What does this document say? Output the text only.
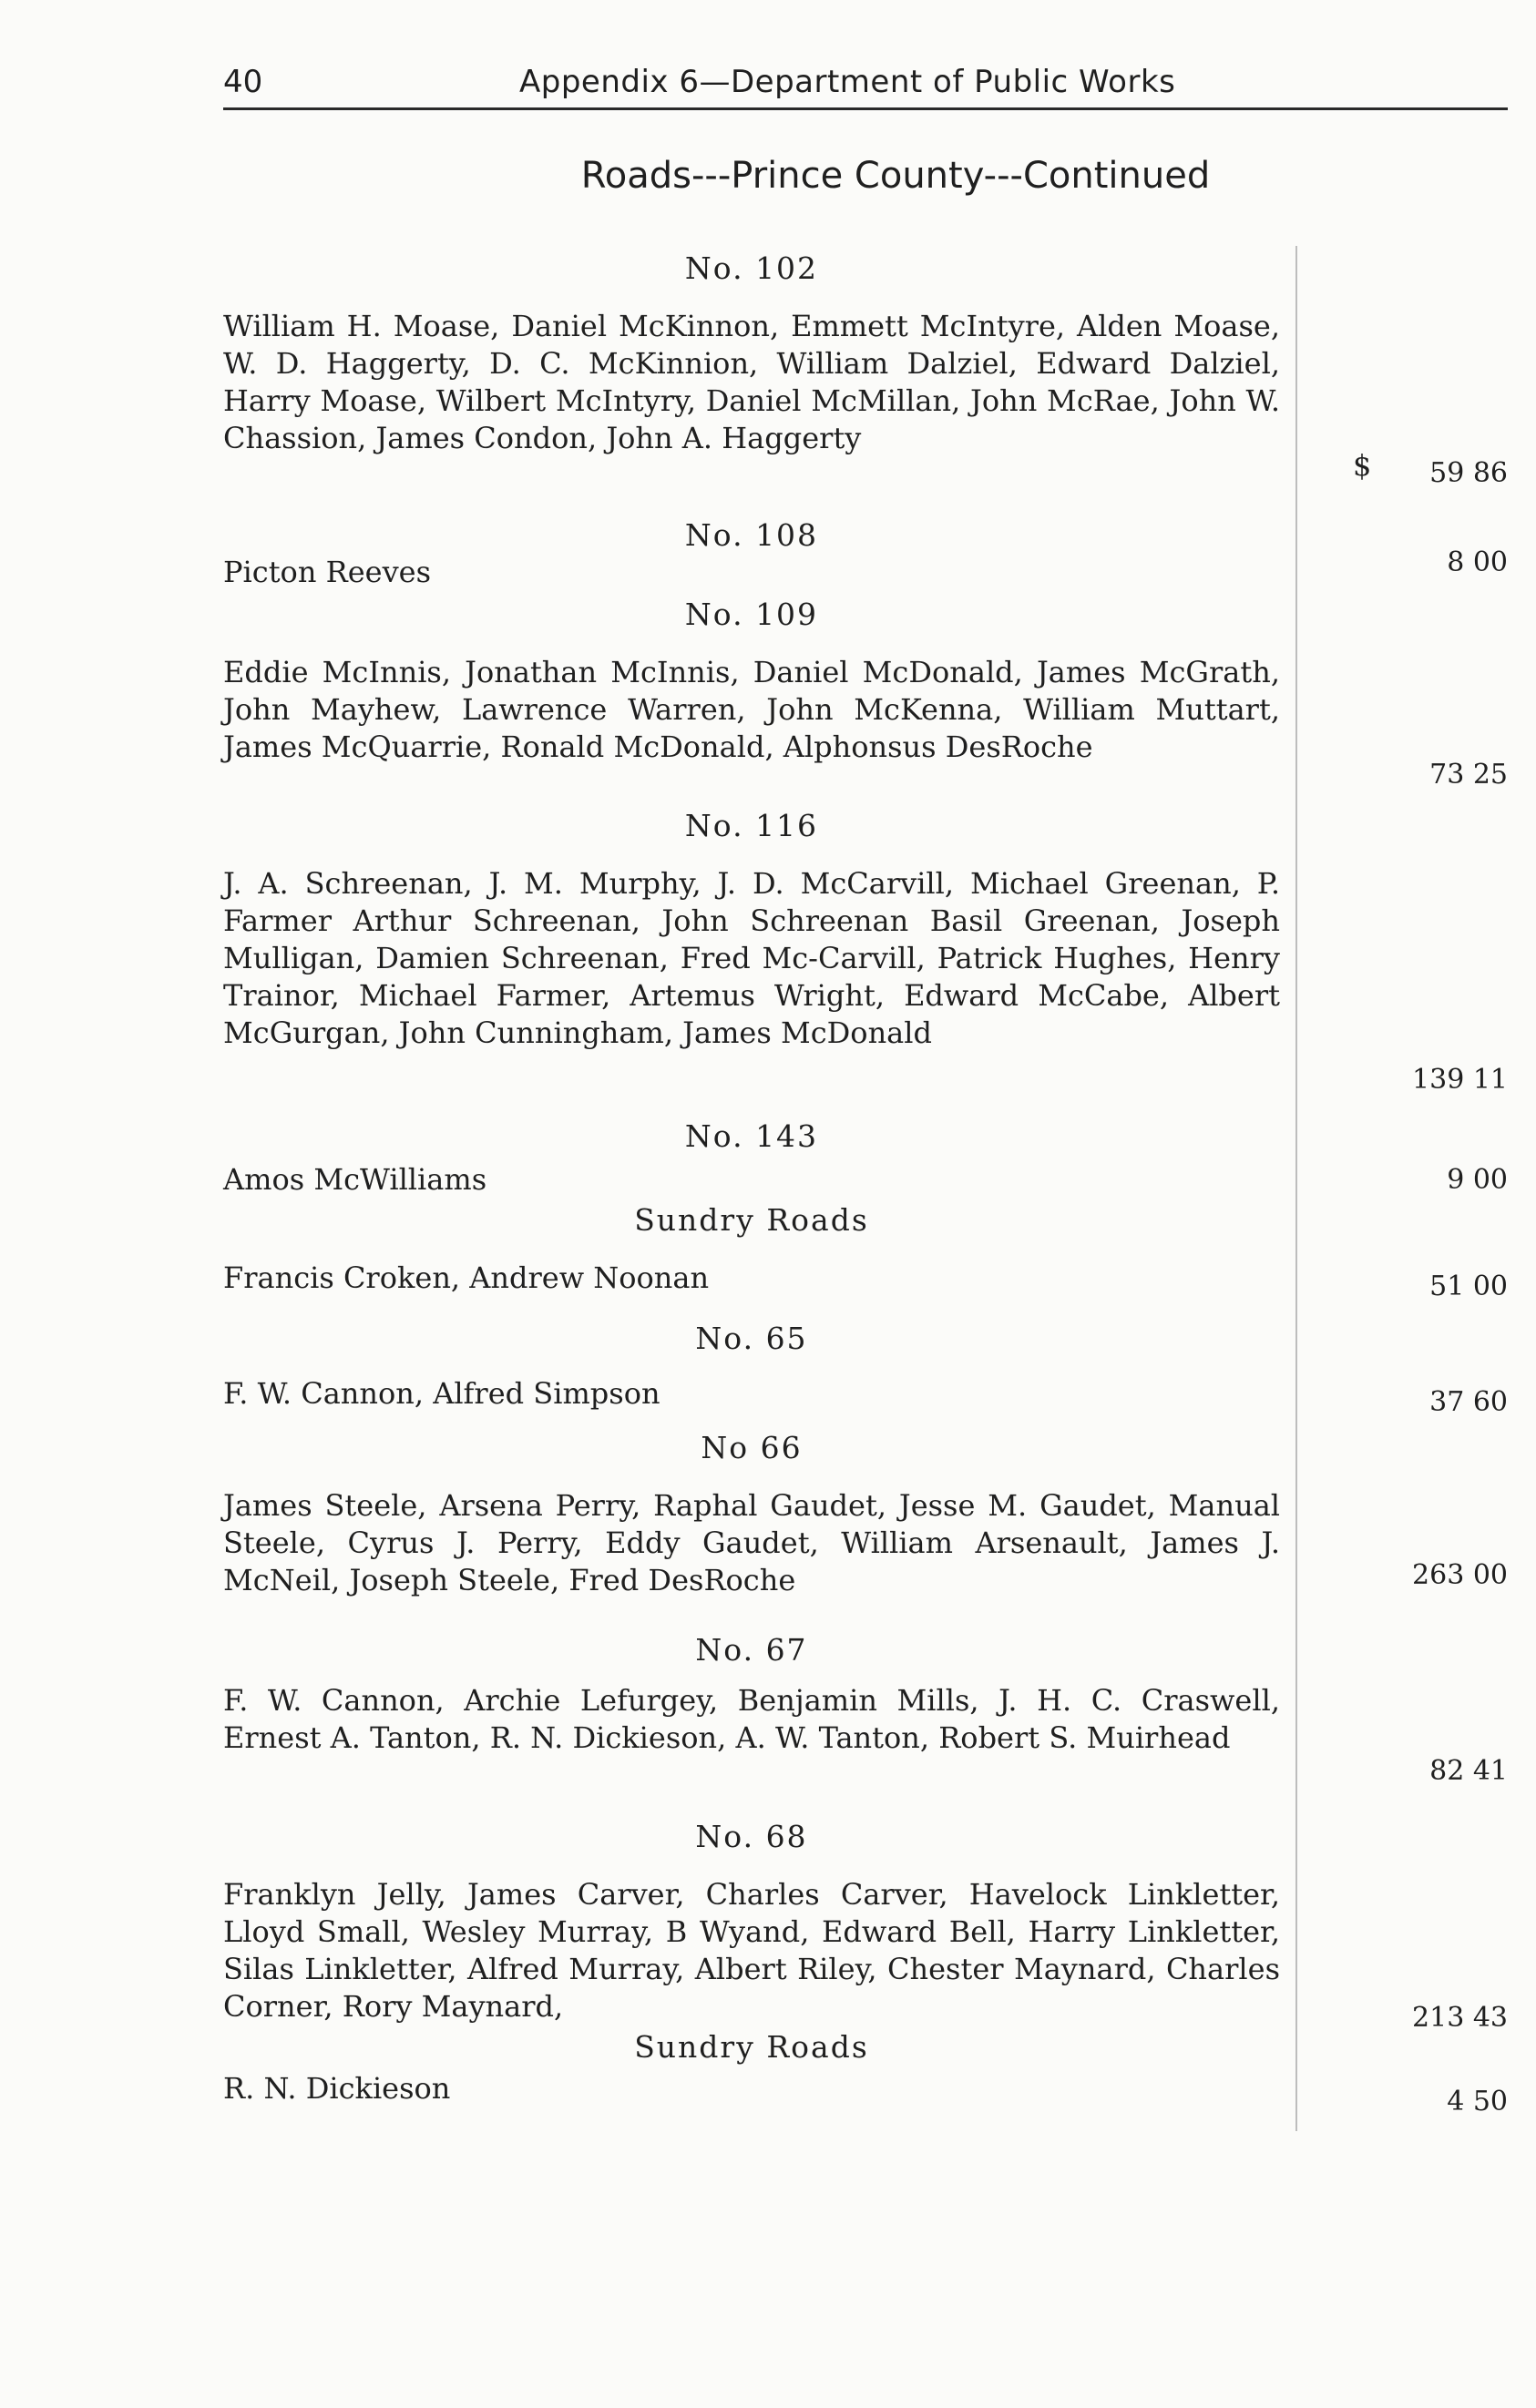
40	Appendix 6—Department of Public Works
Roads---Prince County---Continued
No. 102
William H. Moase, Daniel McKinnon, Emmett McIntyre, Alden Moase, W. D. Haggerty, D. C. McKinnion, William Dalziel, Edward Dalziel, Harry Moase, Wilbert McIntyry, Daniel McMillan, John McRae, John W. Chassion, James Condon, John A. Haggerty
$	59 86
No. 108
Picton Reeves	8 00
No. 109
Eddie McInnis, Jonathan McInnis, Daniel McDonald, James McGrath, John Mayhew, Lawrence Warren, John McKenna, William Muttart, James McQuarrie, Ronald McDonald, Alphonsus DesRoche
73 25
No. 116
J. A. Schreenan, J. M. Murphy, J. D. McCarvill, Michael Greenan, P. Farmer Arthur Schreenan, John Schreenan Basil Greenan, Joseph Mulligan, Damien Schreenan, Fred Mc-Carvill, Patrick Hughes, Henry Trainor, Michael Farmer, Artemus Wright, Edward McCabe, Albert McGurgan, John Cunningham, James McDonald
139 11
No. 143
Amos McWilliams	9 00
Sundry Roads
Francis Croken, Andrew Noonan	51 00
No. 65
F. W. Cannon, Alfred Simpson	37 60
No 66
James Steele, Arsena Perry, Raphal Gaudet, Jesse M. Gaudet, Manual Steele, Cyrus J. Perry, Eddy Gaudet, William Arsenault, James J. McNeil, Joseph Steele, Fred DesRoche	263 00
No. 67
F. W. Cannon, Archie Lefurgey, Benjamin Mills, J. H. C. Craswell, Ernest A. Tanton, R. N. Dickieson, A. W. Tanton, Robert S. Muirhead
82 41
No. 68
Franklyn Jelly, James Carver, Charles Carver, Havelock Linkletter, Lloyd Small, Wesley Murray, B Wyand, Edward Bell, Harry Linkletter, Silas Linkletter, Alfred Murray, Albert Riley, Chester Maynard, Charles Corner, Rory Maynard,	213 43
Sundry Roads
R. N. Dickieson	4 50
